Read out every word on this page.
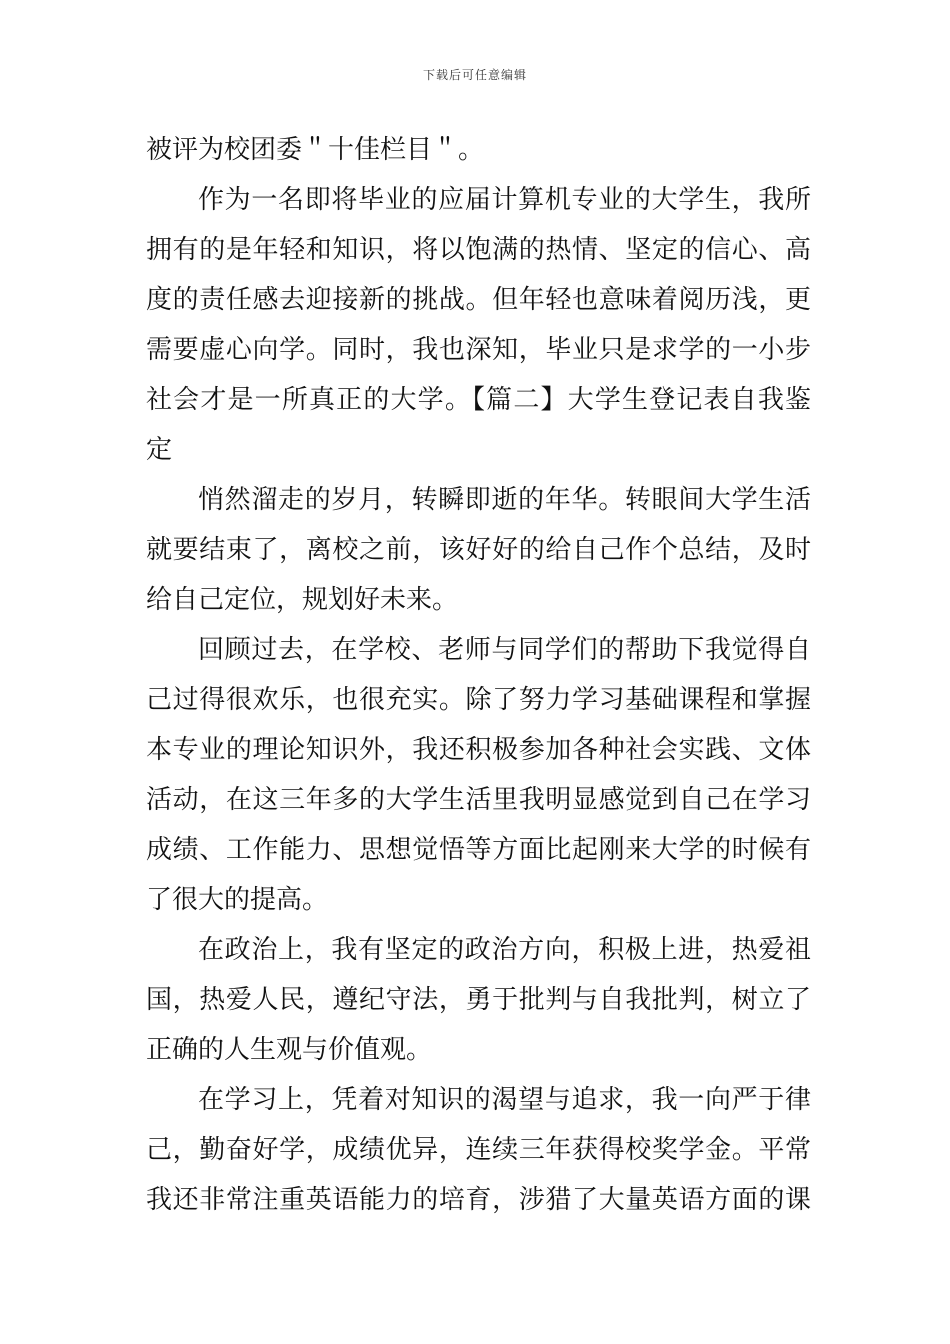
下载后可任意编辑
被评为校团委＂十佳栏目＂。
作为一名即将毕业的应届计算机专业的大学生，我所
拥有的是年轻和知识，将以饱满的热情、坚定的信心、高
度的责任感去迎接新的挑战。但年轻也意味着阅历浅，更
需要虚心向学。同时，我也深知，毕业只是求学的一小步
社会才是一所真正的大学。【篇二】大学生登记表自我鉴
定
悄然溜走的岁月，转瞬即逝的年华。转眼间大学生活
就要结束了，离校之前，该好好的给自己作个总结，及时
给自己定位，规划好未来。
回顾过去，在学校、老师与同学们的帮助下我觉得自
己过得很欢乐，也很充实。除了努力学习基础课程和掌握
本专业的理论知识外，我还积极参加各种社会实践、文体
活动，在这三年多的大学生活里我明显感觉到自己在学习
成绩、工作能力、思想觉悟等方面比起刚来大学的时候有
了很大的提高。
在政治上，我有坚定的政治方向，积极上进，热爱祖
国，热爱人民，遵纪守法，勇于批判与自我批判，树立了
正确的人生观与价值观。
在学习上，凭着对知识的渴望与追求，我一向严于律
己，勤奋好学，成绩优异，连续三年获得校奖学金。平常
我还非常注重英语能力的培育，涉猎了大量英语方面的课
